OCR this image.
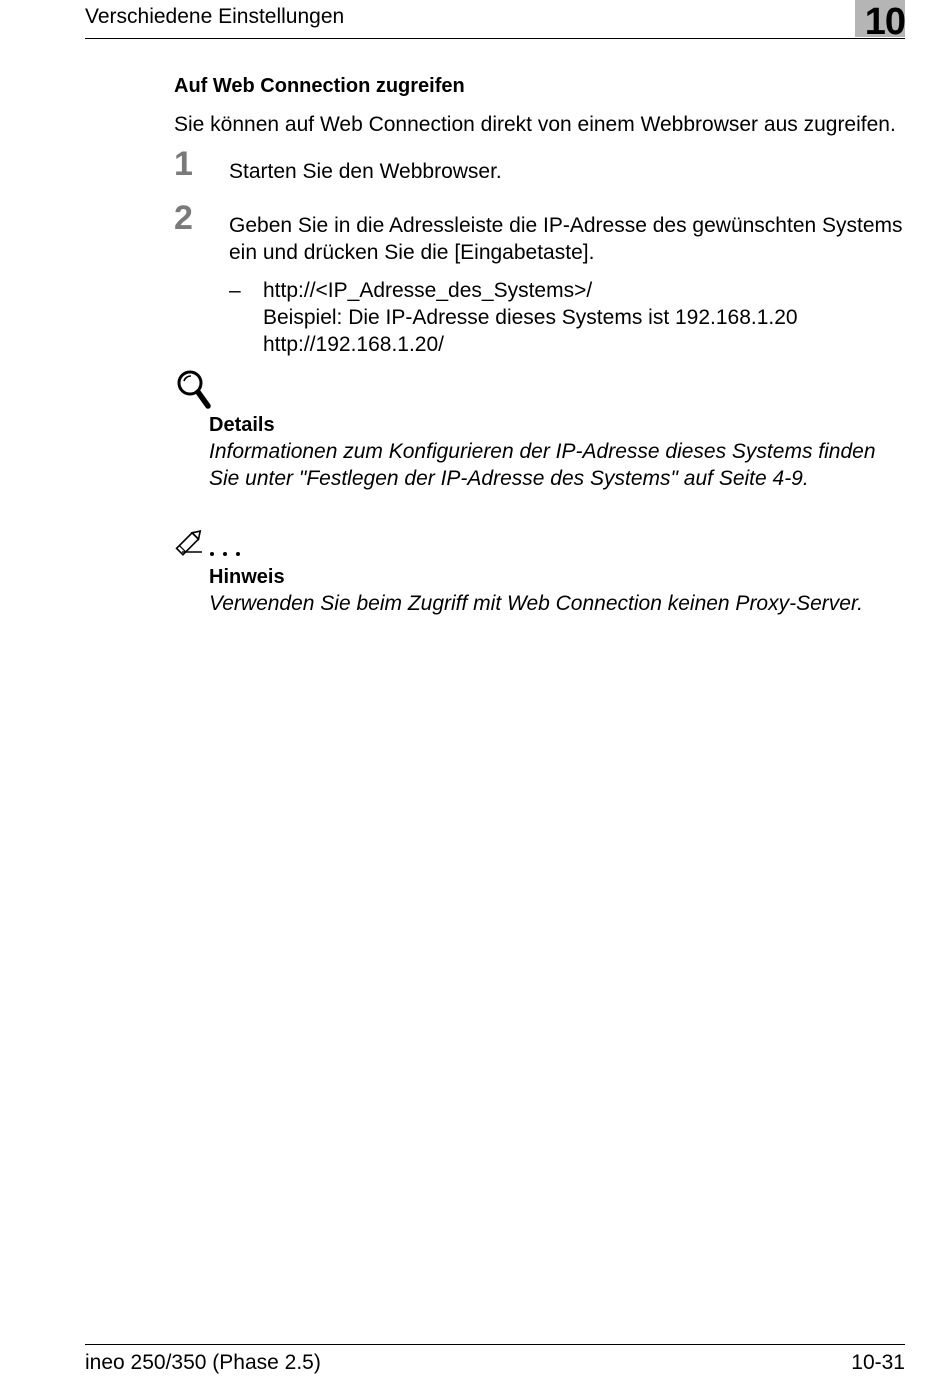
Verschiedene Einstellungen	10
Auf Web Connection zugreifen

Sie können auf Web Connection direkt von einem Webbrowser aus zugreifen.

1 Starten Sie den Webbrowser.
2 Geben Sie in die Adressleiste die IP-Adresse des gewünschten Systems ein und drücken Sie die [Eingabetaste].
– http://<IP_Adresse_des_Systems>/
Beispiel: Die IP-Adresse dieses Systems ist 192.168.1.20
http://192.168.1.20/

Details

Informationen zum Konfigurieren der IP-Adresse dieses Systems finden Sie unter "Festlegen der IP-Adresse des Systems" auf Seite 4-9.

Hinweis

Verwenden Sie beim Zugriff mit Web Connection keinen Proxy-Server.

ineo 250/350 (Phase 2.5)	10-31
